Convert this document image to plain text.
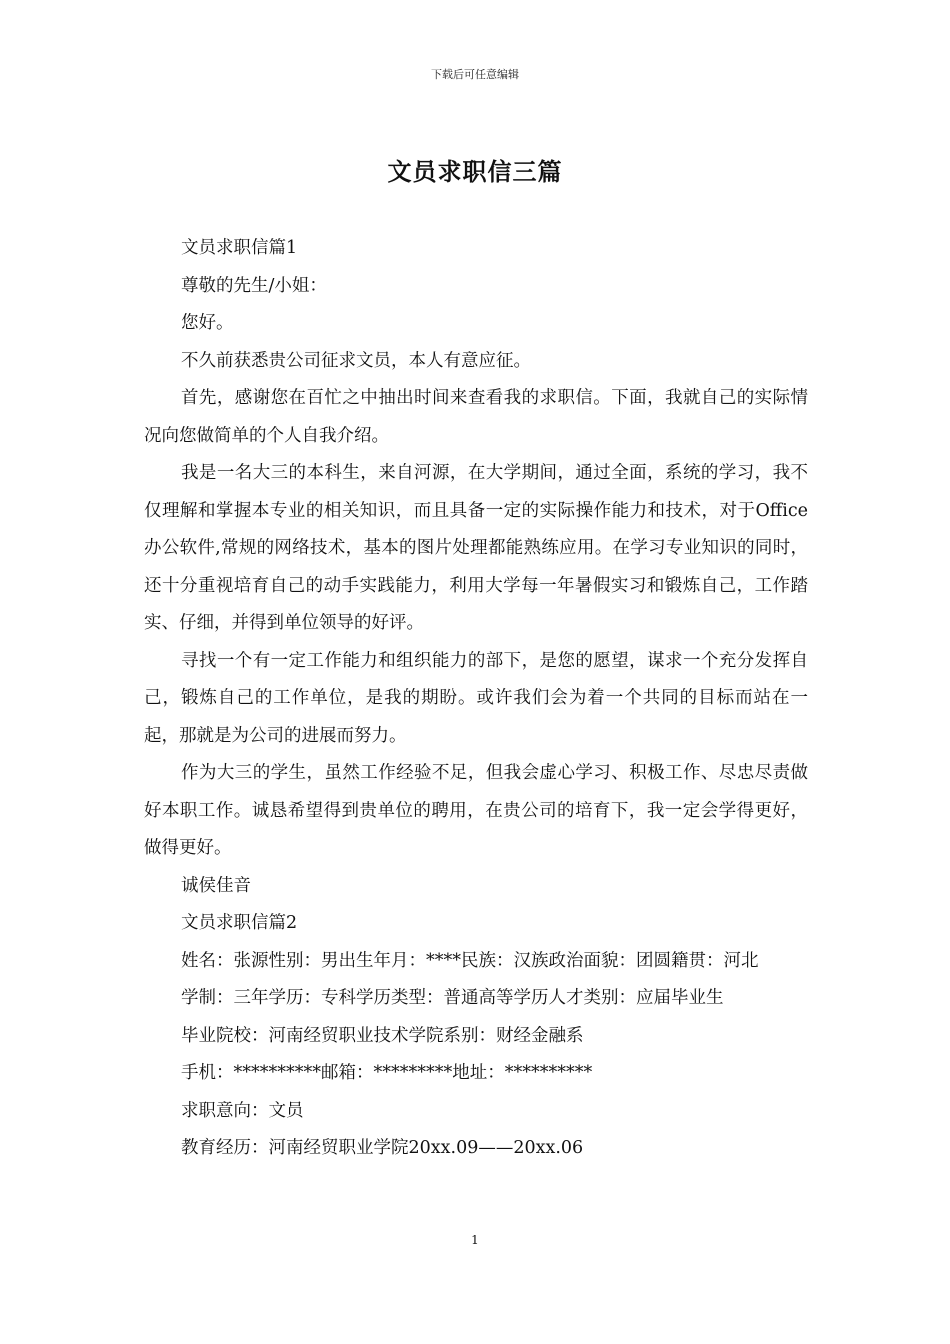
下载后可任意编辑
文员求职信三篇

文员求职信篇1

尊敬的先生/小姐：

您好。

不久前获悉贵公司征求文员，本人有意应征。

首先，感谢您在百忙之中抽出时间来查看我的求职信。下面，我就自己的实际情况向您做简单的个人自我介绍。

我是一名大三的本科生，来自河源，在大学期间，通过全面，系统的学习，我不仅理解和掌握本专业的相关知识，而且具备一定的实际操作能力和技术，对于Office办公软件,常规的网络技术，基本的图片处理都能熟练应用。在学习专业知识的同时，还十分重视培育自己的动手实践能力，利用大学每一年暑假实习和锻炼自己，工作踏实、仔细，并得到单位领导的好评。

寻找一个有一定工作能力和组织能力的部下，是您的愿望，谋求一个充分发挥自己，锻炼自己的工作单位，是我的期盼。或许我们会为着一个共同的目标而站在一起，那就是为公司的进展而努力。

作为大三的学生，虽然工作经验不足，但我会虚心学习、积极工作、尽忠尽责做好本职工作。诚恳希望得到贵单位的聘用，在贵公司的培育下，我一定会学得更好，做得更好。

诚侯佳音

文员求职信篇2

姓名：张源性别：男出生年月：****民族：汉族政治面貌：团圆籍贯：河北

学制：三年学历：专科学历类型：普通高等学历人才类别：应届毕业生

毕业院校：河南经贸职业技术学院系别：财经金融系

手机：**********邮箱：*********地址：**********

求职意向：文员

教育经历：河南经贸职业学院20xx.09——20xx.06

1
